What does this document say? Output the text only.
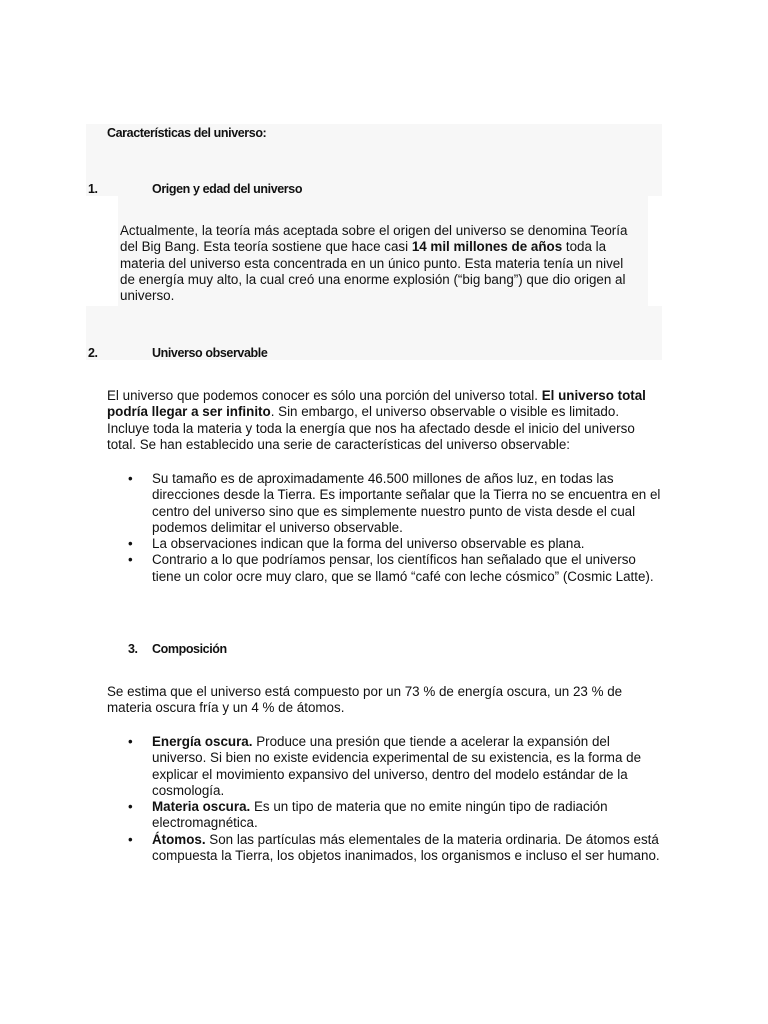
Características del universo:
1.	Origen y edad del universo
Actualmente, la teoría más aceptada sobre el origen del universo se denomina Teoría del Big Bang. Esta teoría sostiene que hace casi 14 mil millones de años toda la materia del universo esta concentrada en un único punto. Esta materia tenía un nivel de energía muy alto, la cual creó una enorme explosión (“big bang”) que dio origen al universo.
2.	Universo observable
El universo que podemos conocer es sólo una porción del universo total. El universo total podría llegar a ser infinito. Sin embargo, el universo observable o visible es limitado. Incluye toda la materia y toda la energía que nos ha afectado desde el inicio del universo total. Se han establecido una serie de características del universo observable:
• Su tamaño es de aproximadamente 46.500 millones de años luz, en todas las direcciones desde la Tierra. Es importante señalar que la Tierra no se encuentra en el centro del universo sino que es simplemente nuestro punto de vista desde el cual podemos delimitar el universo observable.
• La observaciones indican que la forma del universo observable es plana.
• Contrario a lo que podríamos pensar, los científicos han señalado que el universo tiene un color ocre muy claro, que se llamó “café con leche cósmico” (Cosmic Latte).
3. Composición
Se estima que el universo está compuesto por un 73 % de energía oscura, un 23 % de materia oscura fría y un 4 % de átomos.
• Energía oscura. Produce una presión que tiende a acelerar la expansión del universo. Si bien no existe evidencia experimental de su existencia, es la forma de explicar el movimiento expansivo del universo, dentro del modelo estándar de la cosmología.
• Materia oscura. Es un tipo de materia que no emite ningún tipo de radiación electromagnética.
• Átomos. Son las partículas más elementales de la materia ordinaria. De átomos está compuesta la Tierra, los objetos inanimados, los organismos e incluso el ser humano.
